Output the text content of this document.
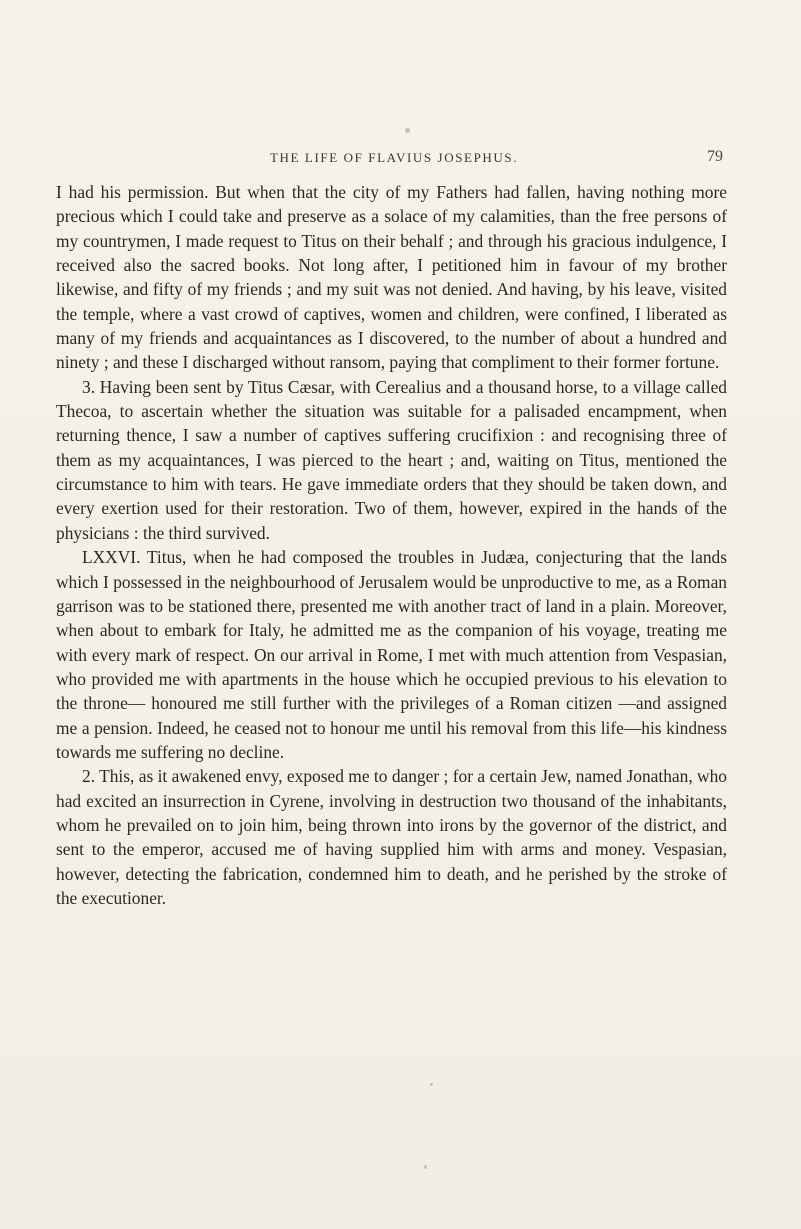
THE LIFE OF FLAVIUS JOSEPHUS.	79

I had his permission. But when that the city of my Fathers had fallen, having nothing more precious which I could take and preserve as a solace of my calamities, than the free persons of my countrymen, I made request to Titus on their behalf ; and through his gracious indulgence, I received also the sacred books. Not long after, I petitioned him in favour of my brother likewise, and fifty of my friends ; and my suit was not denied. And having, by his leave, visited the temple, where a vast crowd of captives, women and children, were confined, I liberated as many of my friends and acquaintances as I discovered, to the number of about a hundred and ninety ; and these I discharged without ransom, paying that compliment to their former fortune.

3. Having been sent by Titus Cæsar, with Cerealius and a thousand horse, to a village called Thecoa, to ascertain whether the situation was suitable for a palisaded encampment, when returning thence, I saw a number of captives suffering crucifixion : and recognising three of them as my acquaintances, I was pierced to the heart ; and, waiting on Titus, mentioned the circumstance to him with tears. He gave immediate orders that they should be taken down, and every exertion used for their restoration. Two of them, however, expired in the hands of the physicians : the third survived.

LXXVI. Titus, when he had composed the troubles in Judæa, conjecturing that the lands which I possessed in the neighbourhood of Jerusalem would be unproductive to me, as a Roman garrison was to be stationed there, presented me with another tract of land in a plain. Moreover, when about to embark for Italy, he admitted me as the companion of his voyage, treating me with every mark of respect. On our arrival in Rome, I met with much attention from Vespasian, who provided me with apartments in the house which he occupied previous to his elevation to the throne— honoured me still further with the privileges of a Roman citizen —and assigned me a pension. Indeed, he ceased not to honour me until his removal from this life—his kindness towards me suffering no decline.

2. This, as it awakened envy, exposed me to danger ; for a certain Jew, named Jonathan, who had excited an insurrection in Cyrene, involving in destruction two thousand of the inhabitants, whom he prevailed on to join him, being thrown into irons by the governor of the district, and sent to the emperor, accused me of having supplied him with arms and money. Vespasian, however, detecting the fabrication, condemned him to death, and he perished by the stroke of the executioner.
